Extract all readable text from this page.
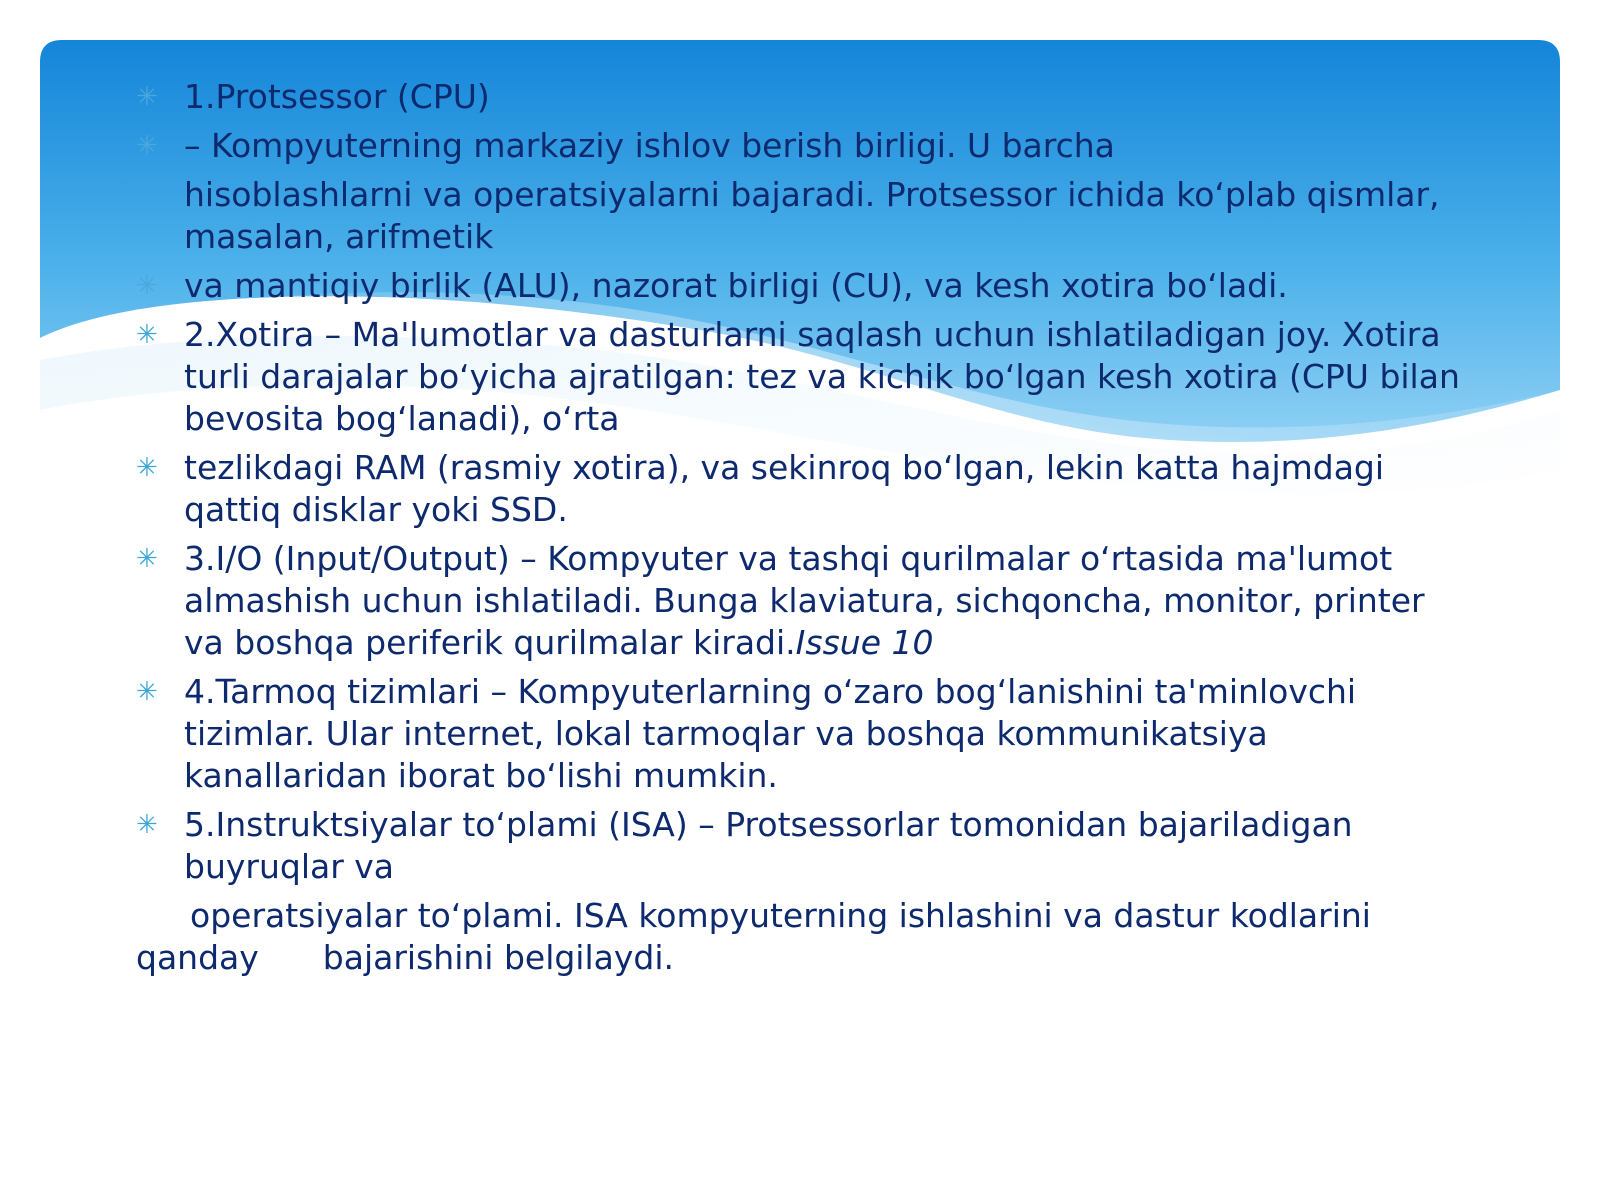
✳ 1.Protsessor (CPU)
✳ – Kompyuterning markaziy ishlov berish birligi. U barcha
hisoblashlarni va operatsiyalarni bajaradi. Protsessor ichida ko‘plab qismlar, masalan, arifmetik
✳ va mantiqiy birlik (ALU), nazorat birligi (CU), va kesh xotira bo‘ladi.
✳ 2.Xotira – Ma'lumotlar va dasturlarni saqlash uchun ishlatiladigan joy. Xotira turli darajalar bo‘yicha ajratilgan: tez va kichik bo‘lgan kesh xotira (CPU bilan bevosita bog‘lanadi), o‘rta
✳ tezlikdagi RAM (rasmiy xotira), va sekinroq bo‘lgan, lekin katta hajmdagi qattiq disklar yoki SSD.
✳ 3.I/O (Input/Output) – Kompyuter va tashqi qurilmalar o‘rtasida ma'lumot almashish uchun ishlatiladi. Bunga klaviatura, sichqoncha, monitor, printer va boshqa periferik qurilmalar kiradi.Issue 10
✳ 4.Tarmoq tizimlari – Kompyuterlarning o‘zaro bog‘lanishini ta'minlovchi tizimlar. Ular internet, lokal tarmoqlar va boshqa kommunikatsiya kanallaridan iborat bo‘lishi mumkin.
✳ 5.Instruktsiyalar to‘plami (ISA) – Protsessorlar tomonidan bajariladigan buyruqlar va
operatsiyalar to‘plami. ISA kompyuterning ishlashini va dastur kodlarini
qanday bajarishini belgilaydi.
